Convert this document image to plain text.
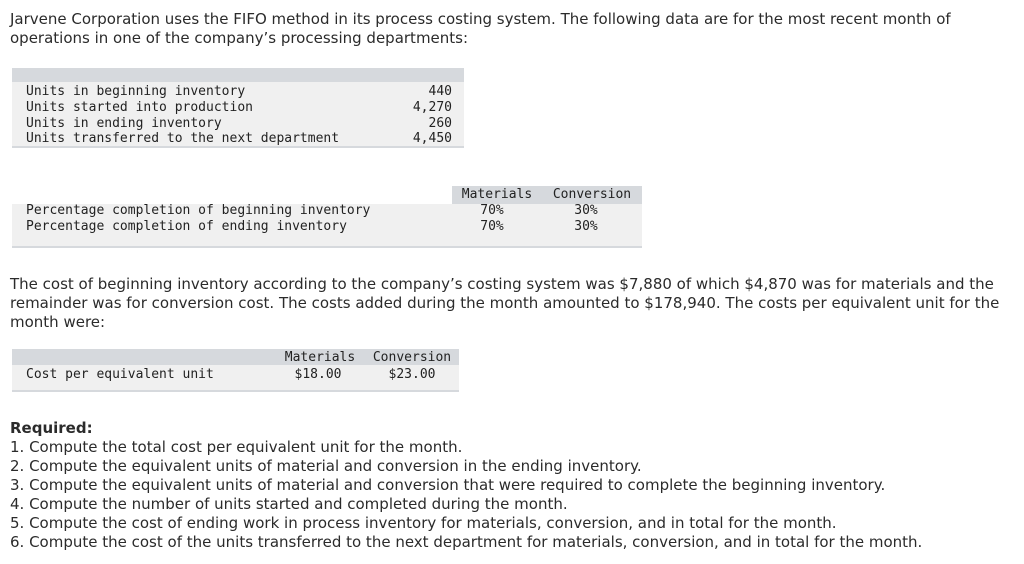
Jarvene Corporation uses the FIFO method in its process costing system. The following data are for the most recent month of operations in one of the company’s processing departments:
Units in beginning inventory	440
Units started into production	4,270
Units in ending inventory	260
Units transferred to the next department	4,450
Materials	Conversion
Percentage completion of beginning inventory	70%	30%
Percentage completion of ending inventory	70%	30%
The cost of beginning inventory according to the company’s costing system was $7,880 of which $4,870 was for materials and the remainder was for conversion cost. The costs added during the month amounted to $178,940. The costs per equivalent unit for the month were:
Materials	Conversion
Cost per equivalent unit	$18.00	$23.00
Required:
1. Compute the total cost per equivalent unit for the month.
2. Compute the equivalent units of material and conversion in the ending inventory.
3. Compute the equivalent units of material and conversion that were required to complete the beginning inventory.
4. Compute the number of units started and completed during the month.
5. Compute the cost of ending work in process inventory for materials, conversion, and in total for the month.
6. Compute the cost of the units transferred to the next department for materials, conversion, and in total for the month.
